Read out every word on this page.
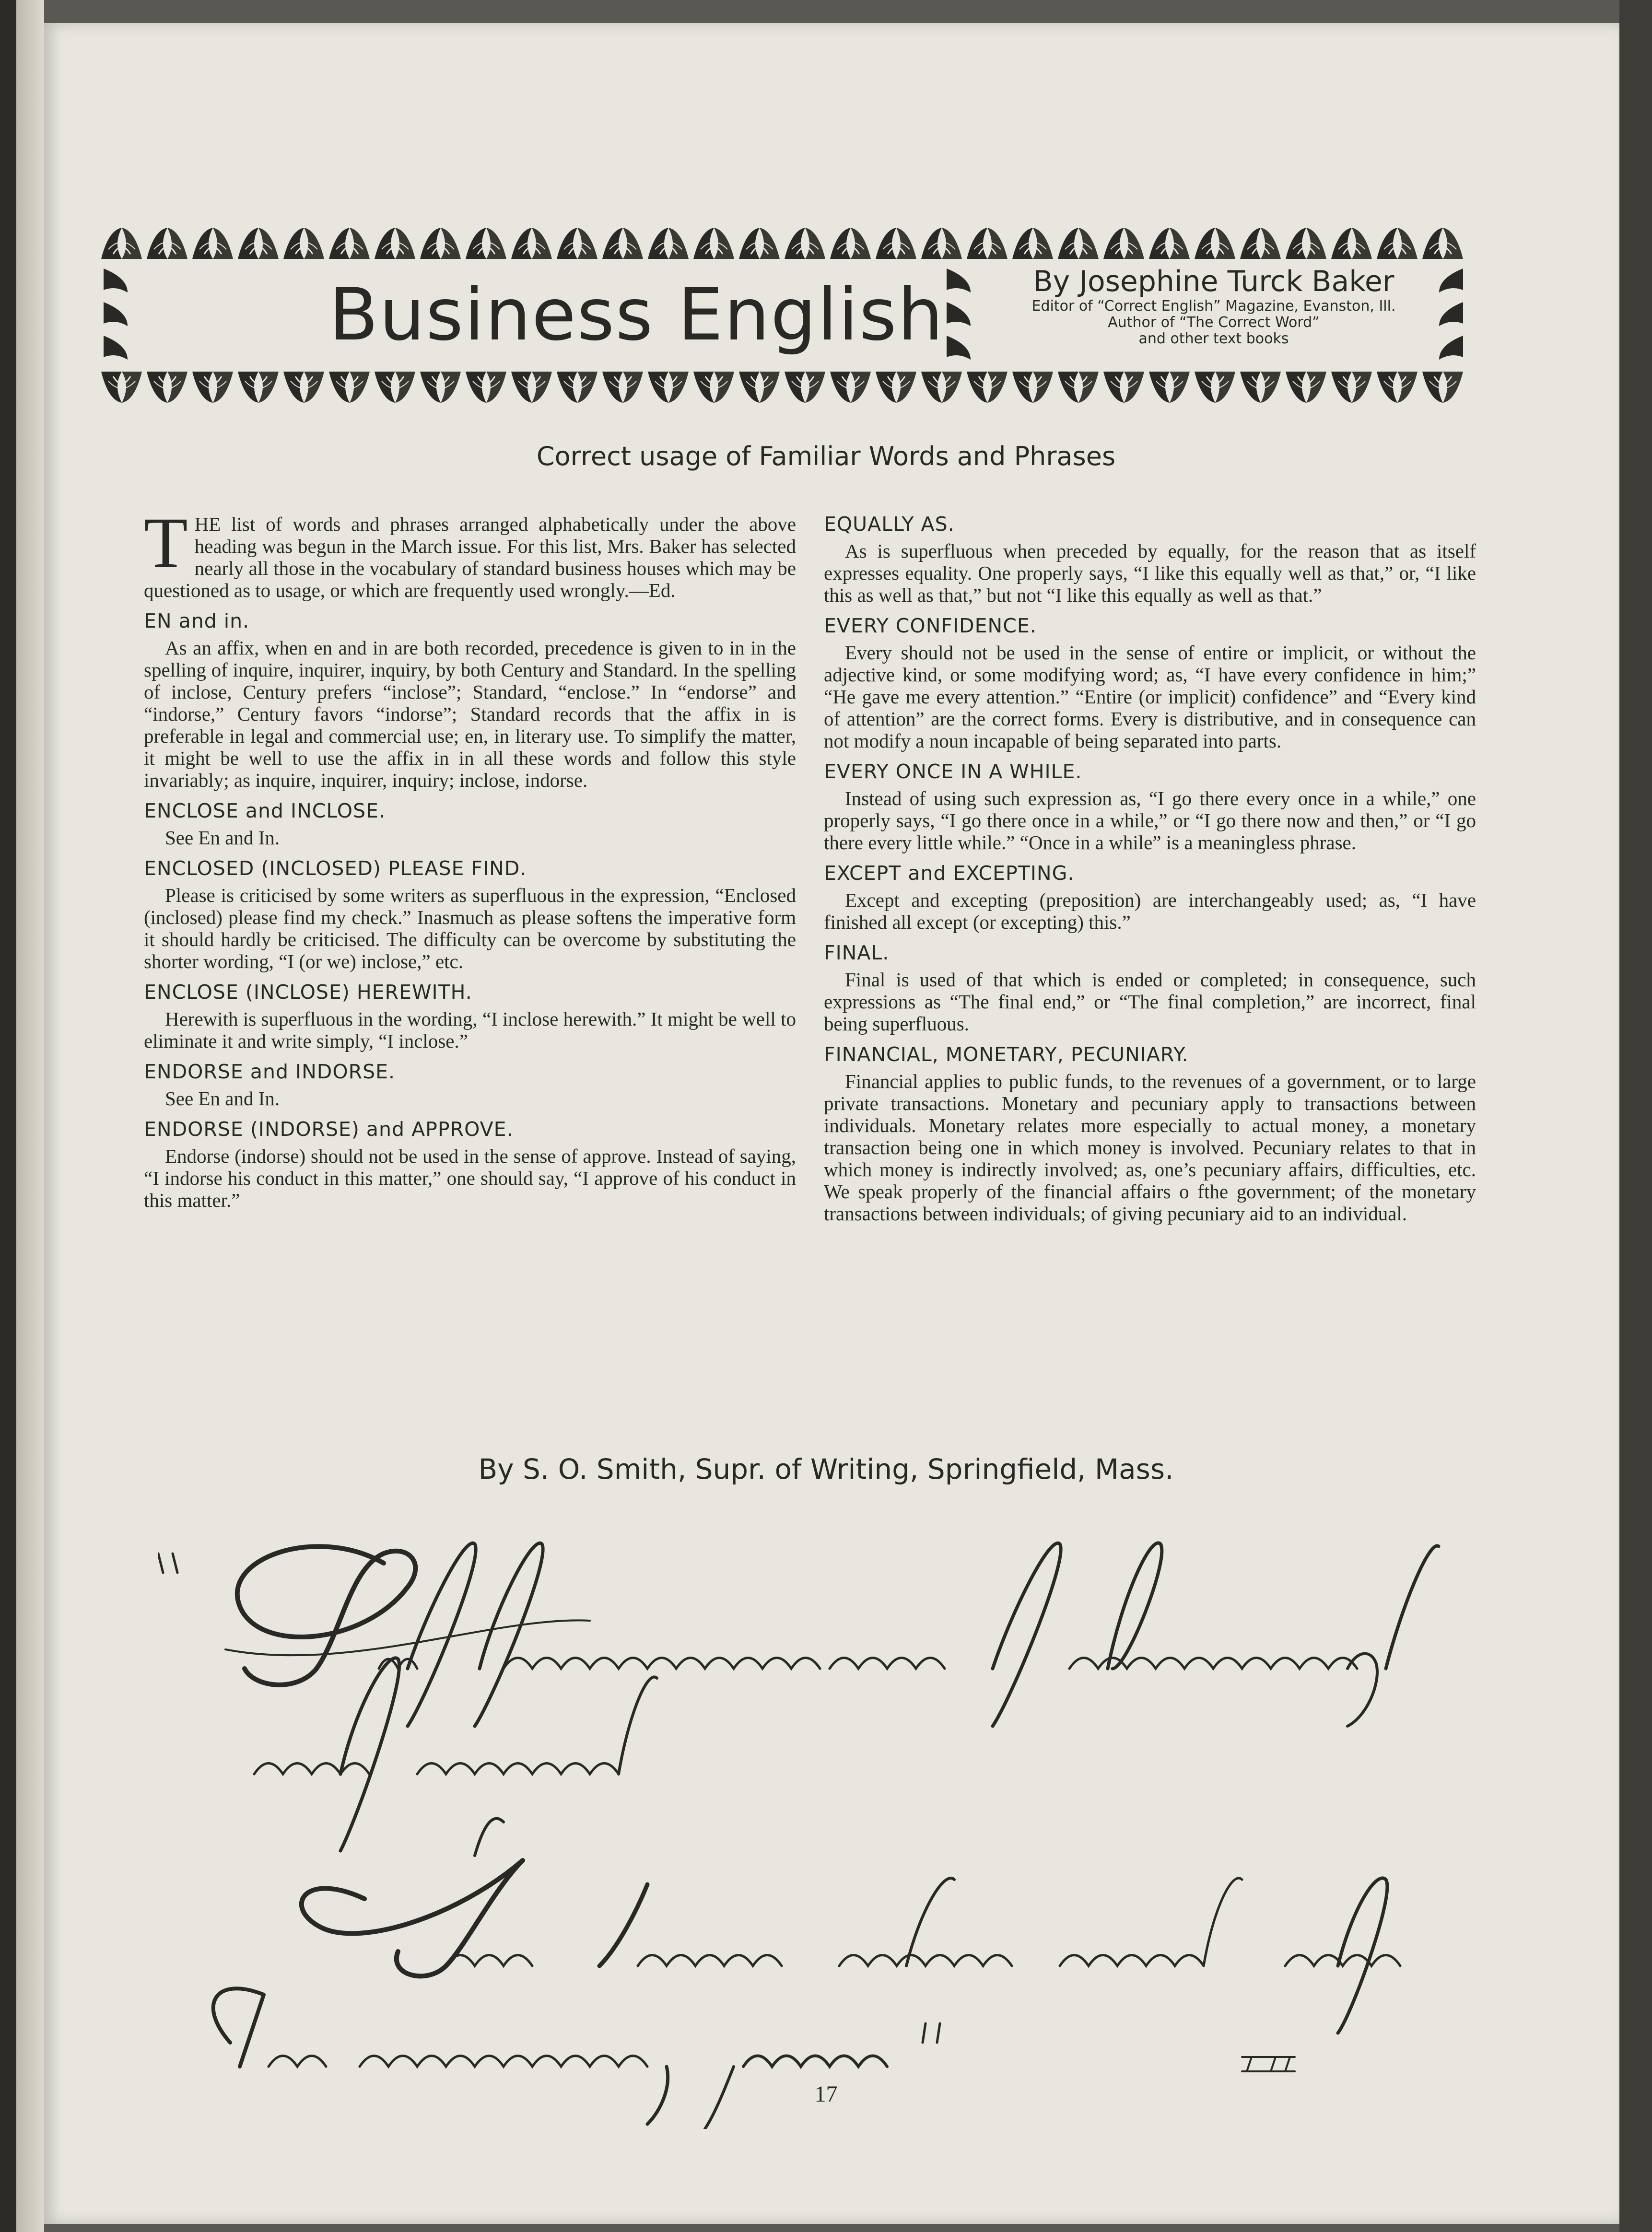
Business English	By Josephine Turck Baker
Editor of “Correct English” Magazine, Evanston, Ill.
Author of “The Correct Word”
and other text books
Correct usage of Familiar Words and Phrases

THE list of words and phrases arranged alphabetically under the above heading was begun in the March issue. For this list, Mrs. Baker has selected nearly all those in the vocabulary of standard business houses which may be questioned as to usage, or which are frequently used wrongly.—Ed.

EN and in.

As an affix, when en and in are both recorded, precedence is given to in in the spelling of inquire, inquirer, inquiry, by both Century and Standard. In the spelling of inclose, Century prefers “inclose”; Standard, “enclose.” In “endorse” and “indorse,” Century favors “indorse”; Standard records that the affix in is preferable in legal and commercial use; en, in literary use. To simplify the matter, it might be well to use the affix in in all these words and follow this style invariably; as inquire, inquirer, inquiry; inclose, indorse.

ENCLOSE and INCLOSE.

See En and In.

ENCLOSED (INCLOSED) PLEASE FIND.

Please is criticised by some writers as superfluous in the expression, “Enclosed (inclosed) please find my check.” Inasmuch as please softens the imperative form it should hardly be criticised. The difficulty can be overcome by substituting the shorter wording, “I (or we) inclose,” etc.

ENCLOSE (INCLOSE) HEREWITH.

Herewith is superfluous in the wording, “I inclose herewith.” It might be well to eliminate it and write simply, “I inclose.”

ENDORSE and INDORSE.

See En and In.

ENDORSE (INDORSE) and APPROVE.

Endorse (indorse) should not be used in the sense of approve. Instead of saying, “I indorse his conduct in this matter,” one should say, “I approve of his conduct in this matter.”

EQUALLY AS.

As is superfluous when preceded by equally, for the reason that as itself expresses equality. One properly says, “I like this equally well as that,” or, “I like this as well as that,” but not “I like this equally as well as that.”

EVERY CONFIDENCE.

Every should not be used in the sense of entire or implicit, or without the adjective kind, or some modifying word; as, “I have every confidence in him;” “He gave me every attention.” “Entire (or implicit) confidence” and “Every kind of attention” are the correct forms. Every is distributive, and in consequence can not modify a noun incapable of being separated into parts.

EVERY ONCE IN A WHILE.

Instead of using such expression as, “I go there every once in a while,” one properly says, “I go there once in a while,” or “I go there now and then,” or “I go there every little while.” “Once in a while” is a meaningless phrase.

EXCEPT and EXCEPTING.

Except and excepting (preposition) are interchangeably used; as, “I have finished all except (or excepting) this.”

FINAL.

Final is used of that which is ended or completed; in consequence, such expressions as “The final end,” or “The final completion,” are incorrect, final being superfluous.

FINANCIAL, MONETARY, PECUNIARY.

Financial applies to public funds, to the revenues of a government, or to large private transactions. Monetary and pecuniary apply to transactions between individuals. Monetary relates more especially to actual money, a monetary transaction being one in which money is involved. Pecuniary relates to that in which money is indirectly involved; as, one’s pecuniary affairs, difficulties, etc. We speak properly of the financial affairs o fthe government; of the monetary transactions between individuals; of giving pecuniary aid to an individual.

By S. O. Smith, Supr. of Writing, Springfield, Mass.
17
